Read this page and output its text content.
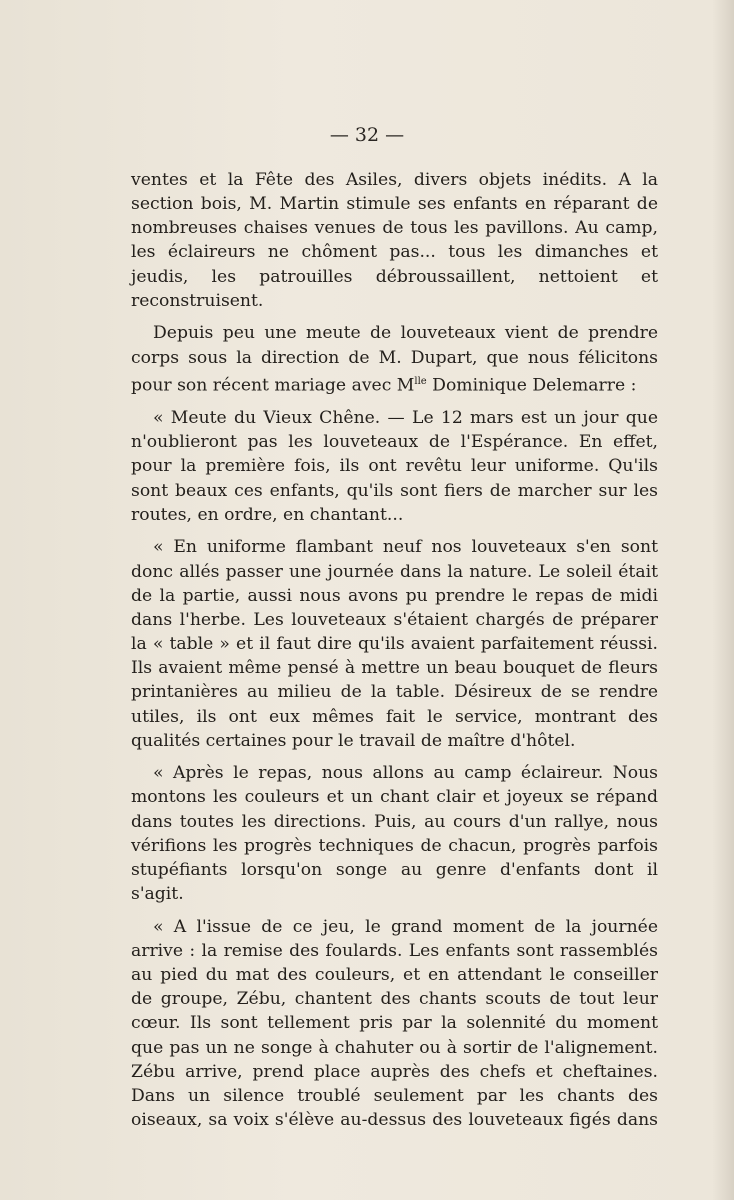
— 32 —

ventes et la Fête des Asiles, divers objets inédits. A la section bois, M. Martin stimule ses enfants en réparant de nombreuses chaises venues de tous les pavillons. Au camp, les éclaireurs ne chôment pas... tous les dimanches et jeudis, les patrouilles débroussaillent, nettoient et reconstruisent.

Depuis peu une meute de louveteaux vient de prendre corps sous la direction de M. Dupart, que nous félicitons pour son récent mariage avec $M^{lle}$ Dominique Delemarre :

« Meute du Vieux Chêne. — Le 12 mars est un jour que n'oublieront pas les louveteaux de l'Espérance. En effet, pour la première fois, ils ont revêtu leur uniforme. Qu'ils sont beaux ces enfants, qu'ils sont fiers de marcher sur les routes, en ordre, en chantant...

« En uniforme flambant neuf nos louveteaux s'en sont donc allés passer une journée dans la nature. Le soleil était de la partie, aussi nous avons pu prendre le repas de midi dans l'herbe. Les louveteaux s'étaient chargés de préparer la « table » et il faut dire qu'ils avaient parfaitement réussi. Ils avaient même pensé à mettre un beau bouquet de fleurs printanières au milieu de la table. Désireux de se rendre utiles, ils ont eux mêmes fait le service, montrant des qualités certaines pour le travail de maître d'hôtel.

« Après le repas, nous allons au camp éclaireur. Nous montons les couleurs et un chant clair et joyeux se répand dans toutes les directions. Puis, au cours d'un rallye, nous vérifions les progrès techniques de chacun, progrès parfois stupéfiants lorsqu'on songe au genre d'enfants dont il s'agit.

« A l'issue de ce jeu, le grand moment de la journée arrive : la remise des foulards. Les enfants sont rassemblés au pied du mat des couleurs, et en attendant le conseiller de groupe, Zébu, chantent des chants scouts de tout leur cœur. Ils sont tellement pris par la solennité du moment que pas un ne songe à chahuter ou à sortir de l'alignement. Zébu arrive, prend place auprès des chefs et cheftaines. Dans un silence troublé seulement par les chants des oiseaux, sa voix s'élève au-dessus des louveteaux figés dans
